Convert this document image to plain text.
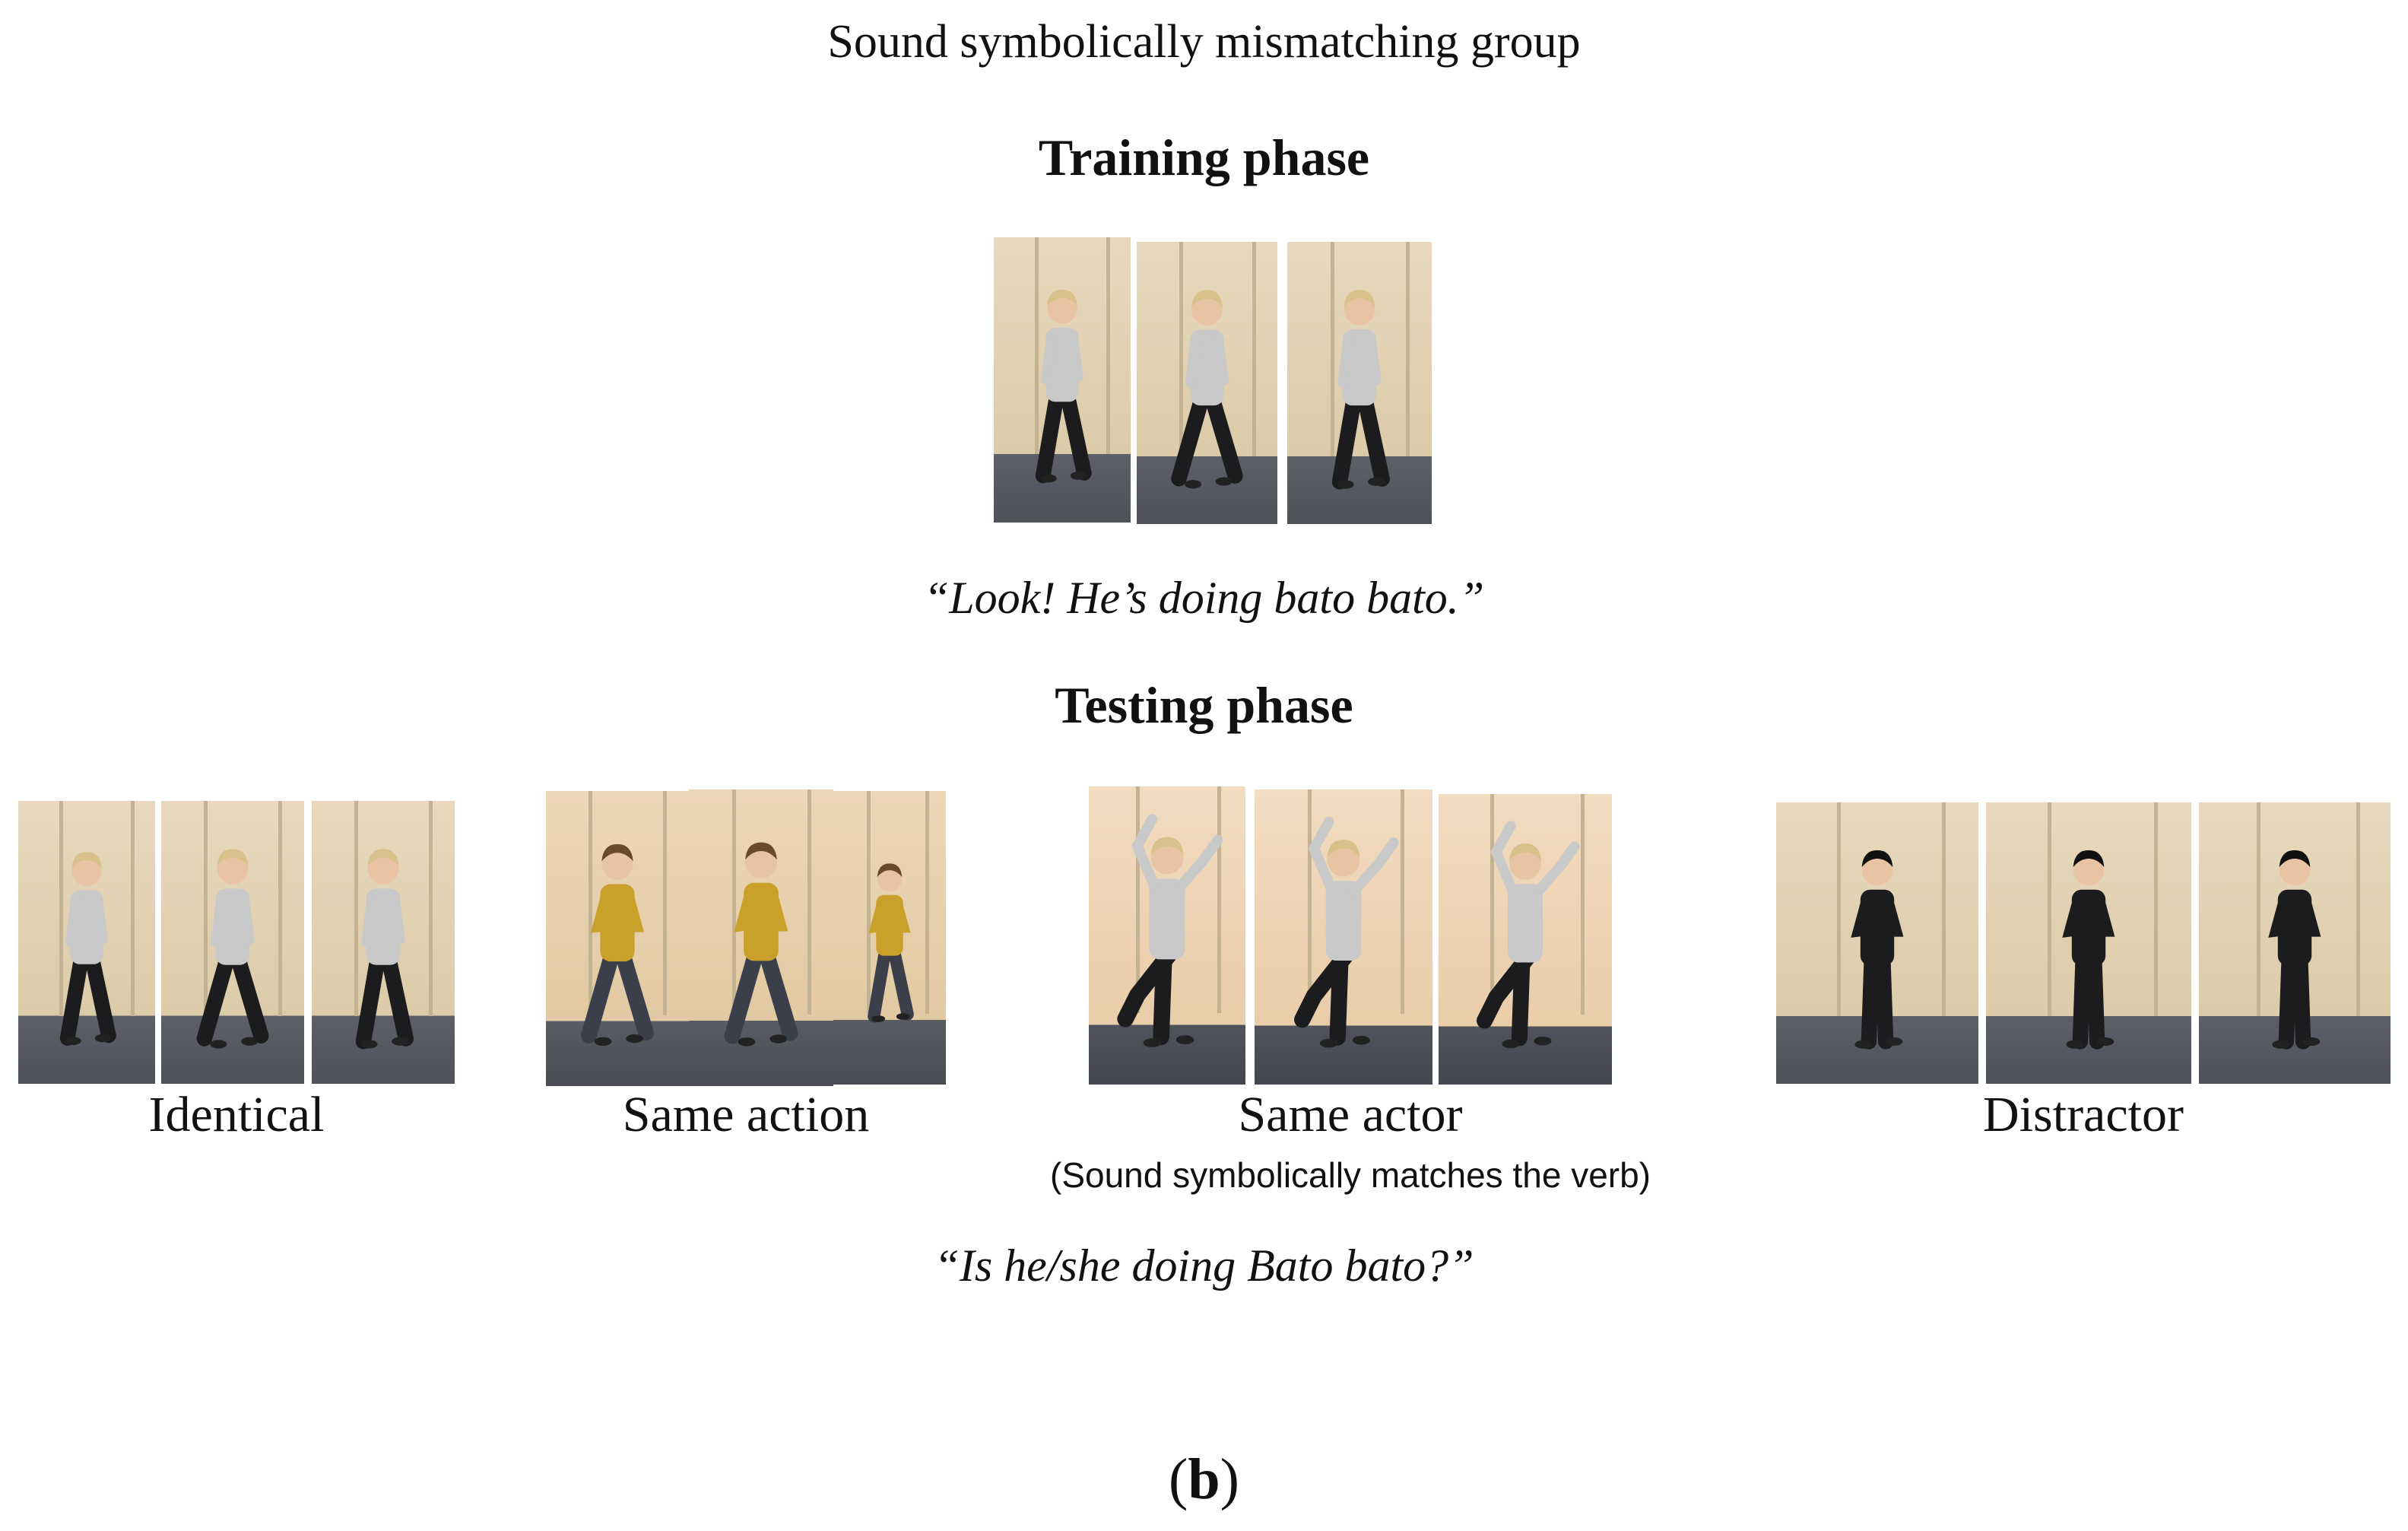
Sound symbolically mismatching group
Training phase
“Look! He’s doing bato bato.”
Testing phase
Identical	Same action	Same actor
(Sound symbolically matches the verb)
Distractor
“Is he/she doing Bato bato?”
(b)
